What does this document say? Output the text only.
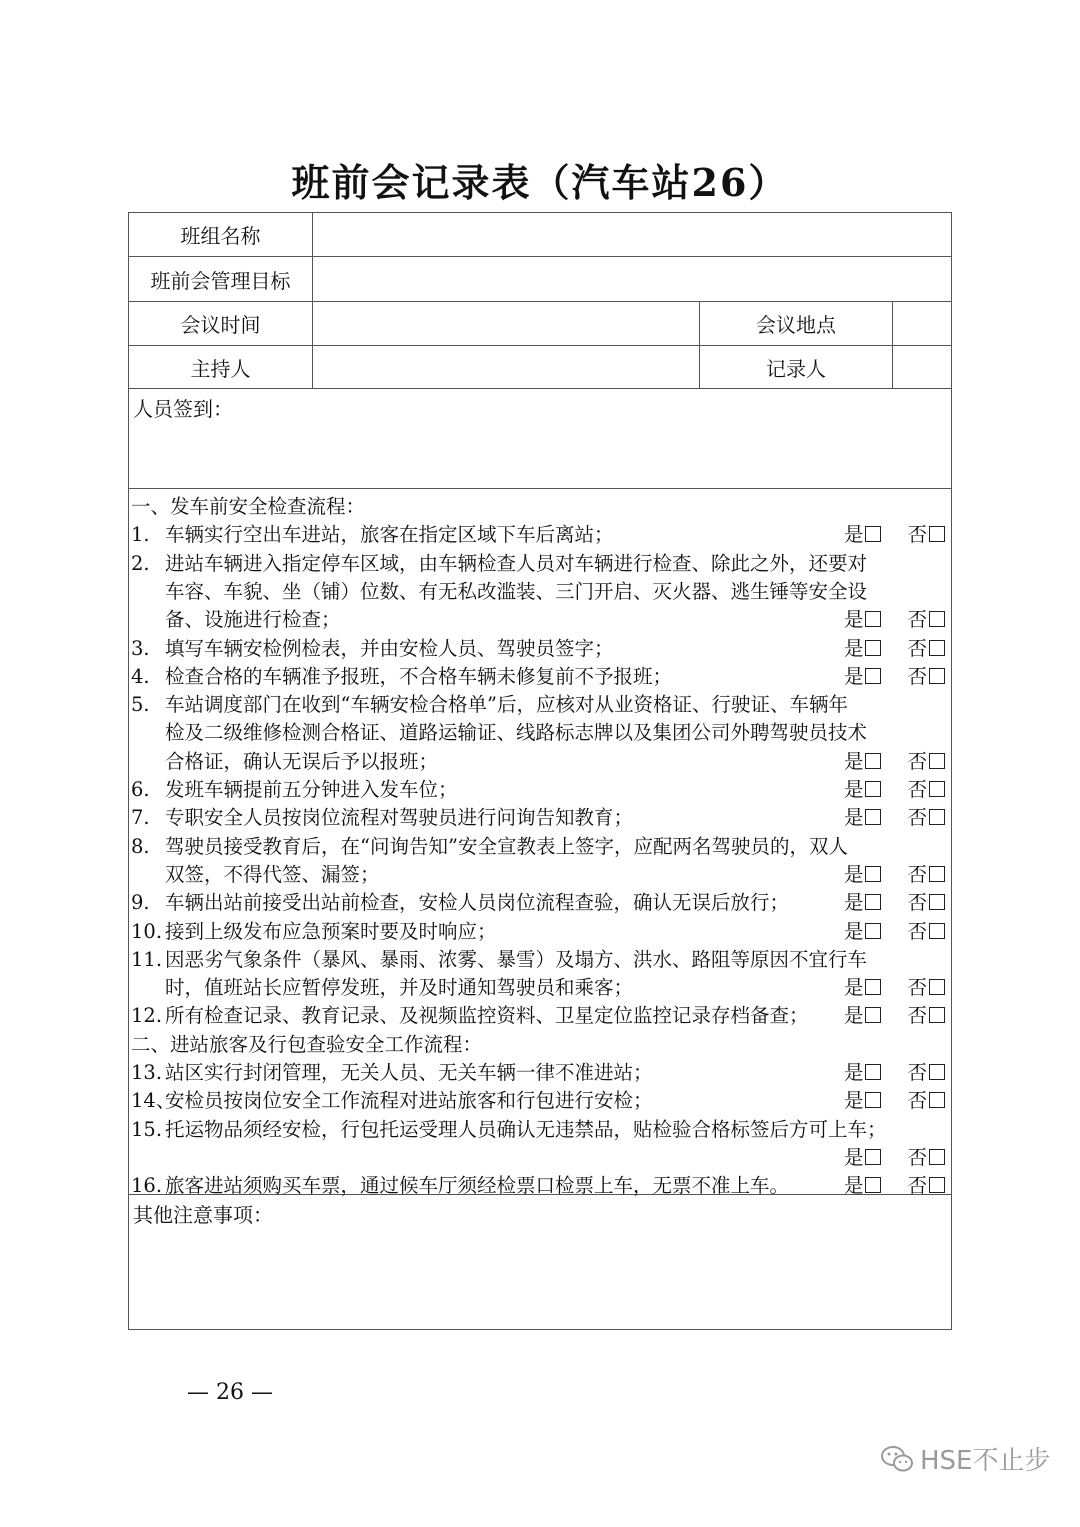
班前会记录表（汽车站26）
班组名称
班前会管理目标
会议时间	会议地点
主持人	记录人
人员签到：
一、发车前安全检查流程：
1. 车辆实行空出车进站，旅客在指定区域下车后离站；	是 否
2. 进站车辆进入指定停车区域，由车辆检查人员对车辆进行检查、除此之外，还要对
车容、车貌、坐（铺）位数、有无私改滥装、三门开启、灭火器、逃生锤等安全设
备、设施进行检查；	是 否
3. 填写车辆安检例检表，并由安检人员、驾驶员签字；	是 否
4. 检查合格的车辆准予报班，不合格车辆未修复前不予报班；	是 否
5. 车站调度部门在收到“车辆安检合格单”后，应核对从业资格证、行驶证、车辆年
检及二级维修检测合格证、道路运输证、线路标志牌以及集团公司外聘驾驶员技术
合格证，确认无误后予以报班；	是 否
6. 发班车辆提前五分钟进入发车位；	是 否
7. 专职安全人员按岗位流程对驾驶员进行问询告知教育；	是 否
8. 驾驶员接受教育后，在“问询告知”安全宣教表上签字，应配两名驾驶员的，双人
双签，不得代签、漏签；	是 否
9. 车辆出站前接受出站前检查，安检人员岗位流程查验，确认无误后放行；	是 否
10. 接到上级发布应急预案时要及时响应；	是 否
11. 因恶劣气象条件（暴风、暴雨、浓雾、暴雪）及塌方、洪水、路阻等原因不宜行车
时，值班站长应暂停发班，并及时通知驾驶员和乘客；	是 否
12. 所有检查记录、教育记录、及视频监控资料、卫星定位监控记录存档备查； 是 否
二、进站旅客及行包查验安全工作流程：
13. 站区实行封闭管理，无关人员、无关车辆一律不准进站；	是 否
14、
安检员按岗位安全工作流程对进站旅客和行包进行安检；	是 否
15. 托运物品须经安检，行包托运受理人员确认无违禁品，贴检验合格标签后方可上车；
是 否
16. 旅客进站须购买车票，通过候车厅须经检票口检票上车，无票不准上车。	是 否
其他注意事项：
— 26 —
HSE不止步
